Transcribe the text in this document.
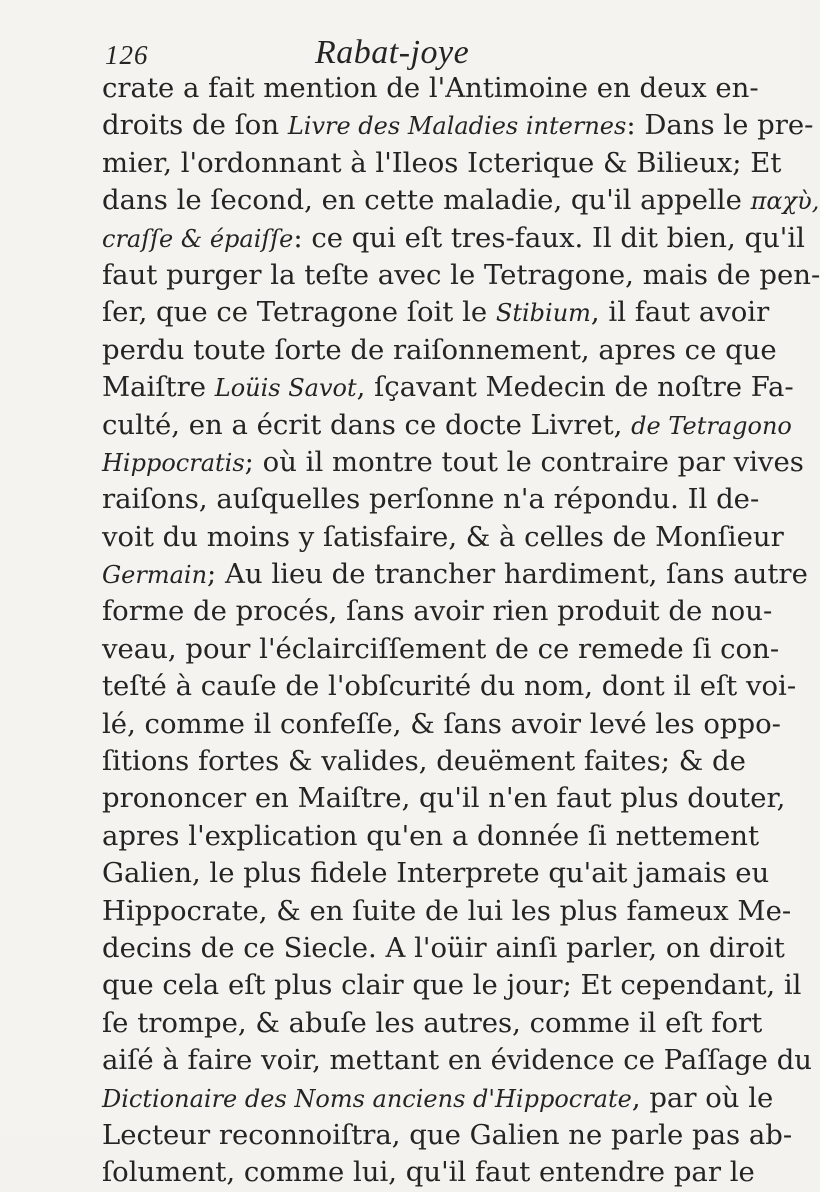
126	Rabat-joye
crate a fait mention de l'Antimoine en deux en-
droits de ſon Livre des Maladies internes: Dans le pre-
mier, l'ordonnant à l'Ileos Icterique & Bilieux; Et
dans le ſecond, en cette maladie, qu'il appelle παχὺ,
craſſe & épaiſſe: ce qui eſt tres-faux. Il dit bien, qu'il
faut purger la teſte avec le Tetragone, mais de pen-
ſer, que ce Tetragone ſoit le Stibium, il faut avoir
perdu toute ſorte de raiſonnement, apres ce que
Maiſtre Loüis Savot, ſçavant Medecin de noſtre Fa-
culté, en a écrit dans ce docte Livret, de Tetragono
Hippocratis; où il montre tout le contraire par vives
raiſons, auſquelles perſonne n'a répondu. Il de-
voit du moins y ſatisfaire, & à celles de Monſieur
Germain; Au lieu de trancher hardiment, ſans autre
forme de procés, ſans avoir rien produit de nou-
veau, pour l'éclairciſſement de ce remede ſi con-
teſté à cauſe de l'obſcurité du nom, dont il eſt voi-
lé, comme il confeſſe, & ſans avoir levé les oppo-
ſitions fortes & valides, deuëment faites; & de
prononcer en Maiſtre, qu'il n'en faut plus douter,
apres l'explication qu'en a donnée ſi nettement
Galien, le plus fidele Interprete qu'ait jamais eu
Hippocrate, & en ſuite de lui les plus fameux Me-
decins de ce Siecle. A l'oüir ainſi parler, on diroit
que cela eſt plus clair que le jour; Et cependant, il
ſe trompe, & abuſe les autres, comme il eſt fort
aiſé à faire voir, mettant en évidence ce Paſſage du
Dictionaire des Noms anciens d'Hippocrate, par où le
Lecteur reconnoiſtra, que Galien ne parle pas ab-
ſolument, comme lui, qu'il faut entendre par le
